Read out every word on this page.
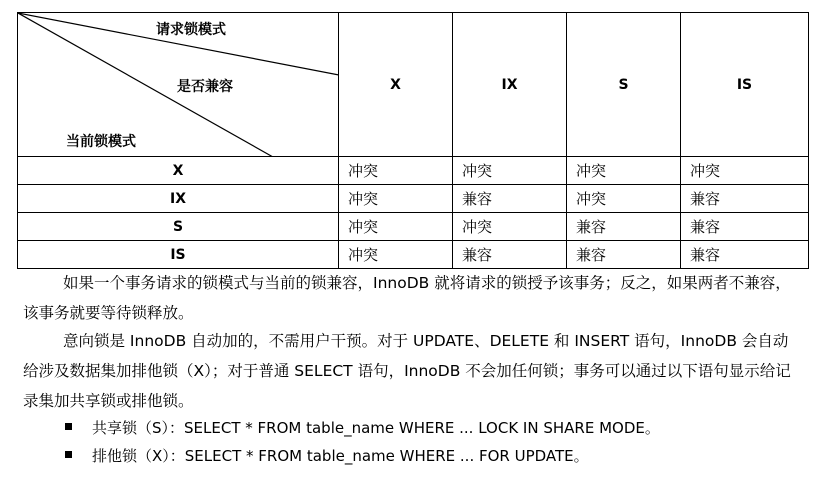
请求锁模式
是否兼容
当前锁模式	X	IX	S	IS
X	冲突	冲突	冲突	冲突
IX	冲突	兼容	冲突	兼容
S	冲突	冲突	兼容	兼容
IS	冲突	兼容	兼容	兼容

如果一个事务请求的锁模式与当前的锁兼容，InnoDB 就将请求的锁授予该事务；反之，如果两者不兼容，该事务就要等待锁释放。

意向锁是 InnoDB 自动加的，不需用户干预。对于 UPDATE、DELETE 和 INSERT 语句，InnoDB 会自动给涉及数据集加排他锁（X）；对于普通 SELECT 语句，InnoDB 不会加任何锁；事务可以通过以下语句显示给记录集加共享锁或排他锁。

共享锁（S）：SELECT * FROM table_name WHERE ... LOCK IN SHARE MODE。
排他锁（X）：SELECT * FROM table_name WHERE ... FOR UPDATE。
